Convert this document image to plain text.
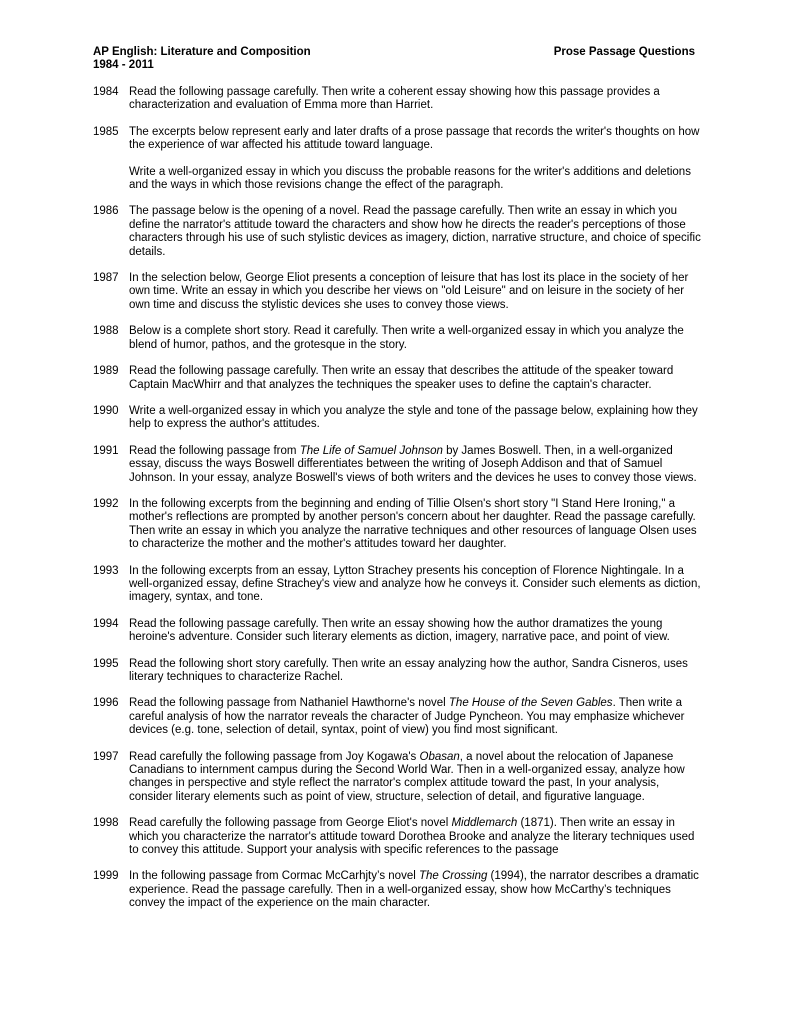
AP English: Literature and Composition	Prose Passage Questions
1984 - 2011
1984 Read the following passage carefully. Then write a coherent essay showing how this passage provides a characterization and evaluation of Emma more than Harriet.
1985 The excerpts below represent early and later drafts of a prose passage that records the writer's thoughts on how the experience of war affected his attitude toward language.
Write a well-organized essay in which you discuss the probable reasons for the writer's additions and deletions and the ways in which those revisions change the effect of the paragraph.
1986 The passage below is the opening of a novel. Read the passage carefully. Then write an essay in which you define the narrator's attitude toward the characters and show how he directs the reader's perceptions of those characters through his use of such stylistic devices as imagery, diction, narrative structure, and choice of specific details.
1987 In the selection below, George Eliot presents a conception of leisure that has lost its place in the society of her own time. Write an essay in which you describe her views on "old Leisure" and on leisure in the society of her own time and discuss the stylistic devices she uses to convey those views.
1988 Below is a complete short story. Read it carefully. Then write a well-organized essay in which you analyze the blend of humor, pathos, and the grotesque in the story.
1989 Read the following passage carefully. Then write an essay that describes the attitude of the speaker toward Captain MacWhirr and that analyzes the techniques the speaker uses to define the captain's character.
1990 Write a well-organized essay in which you analyze the style and tone of the passage below, explaining how they help to express the author's attitudes.
1991 Read the following passage from The Life of Samuel Johnson by James Boswell. Then, in a well-organized essay, discuss the ways Boswell differentiates between the writing of Joseph Addison and that of Samuel Johnson. In your essay, analyze Boswell's views of both writers and the devices he uses to convey those views.
1992 In the following excerpts from the beginning and ending of Tillie Olsen's short story "I Stand Here Ironing," a mother's reflections are prompted by another person's concern about her daughter. Read the passage carefully. Then write an essay in which you analyze the narrative techniques and other resources of language Olsen uses to characterize the mother and the mother's attitudes toward her daughter.
1993 In the following excerpts from an essay, Lytton Strachey presents his conception of Florence Nightingale. In a well-organized essay, define Strachey's view and analyze how he conveys it. Consider such elements as diction, imagery, syntax, and tone.
1994 Read the following passage carefully. Then write an essay showing how the author dramatizes the young heroine's adventure. Consider such literary elements as diction, imagery, narrative pace, and point of view.
1995 Read the following short story carefully. Then write an essay analyzing how the author, Sandra Cisneros, uses literary techniques to characterize Rachel.
1996 Read the following passage from Nathaniel Hawthorne's novel The House of the Seven Gables. Then write a careful analysis of how the narrator reveals the character of Judge Pyncheon. You may emphasize whichever devices (e.g. tone, selection of detail, syntax, point of view) you find most significant.
1997 Read carefully the following passage from Joy Kogawa's Obasan, a novel about the relocation of Japanese Canadians to internment campus during the Second World War. Then in a well-organized essay, analyze how changes in perspective and style reflect the narrator's complex attitude toward the past, In your analysis, consider literary elements such as point of view, structure, selection of detail, and figurative language.
1998 Read carefully the following passage from George Eliot's novel Middlemarch (1871). Then write an essay in which you characterize the narrator's attitude toward Dorothea Brooke and analyze the literary techniques used to convey this attitude. Support your analysis with specific references to the passage
1999 In the following passage from Cormac McCarhjty’s novel The Crossing (1994), the narrator describes a dramatic experience. Read the passage carefully. Then in a well-organized essay, show how McCarthy’s techniques convey the impact of the experience on the main character.
